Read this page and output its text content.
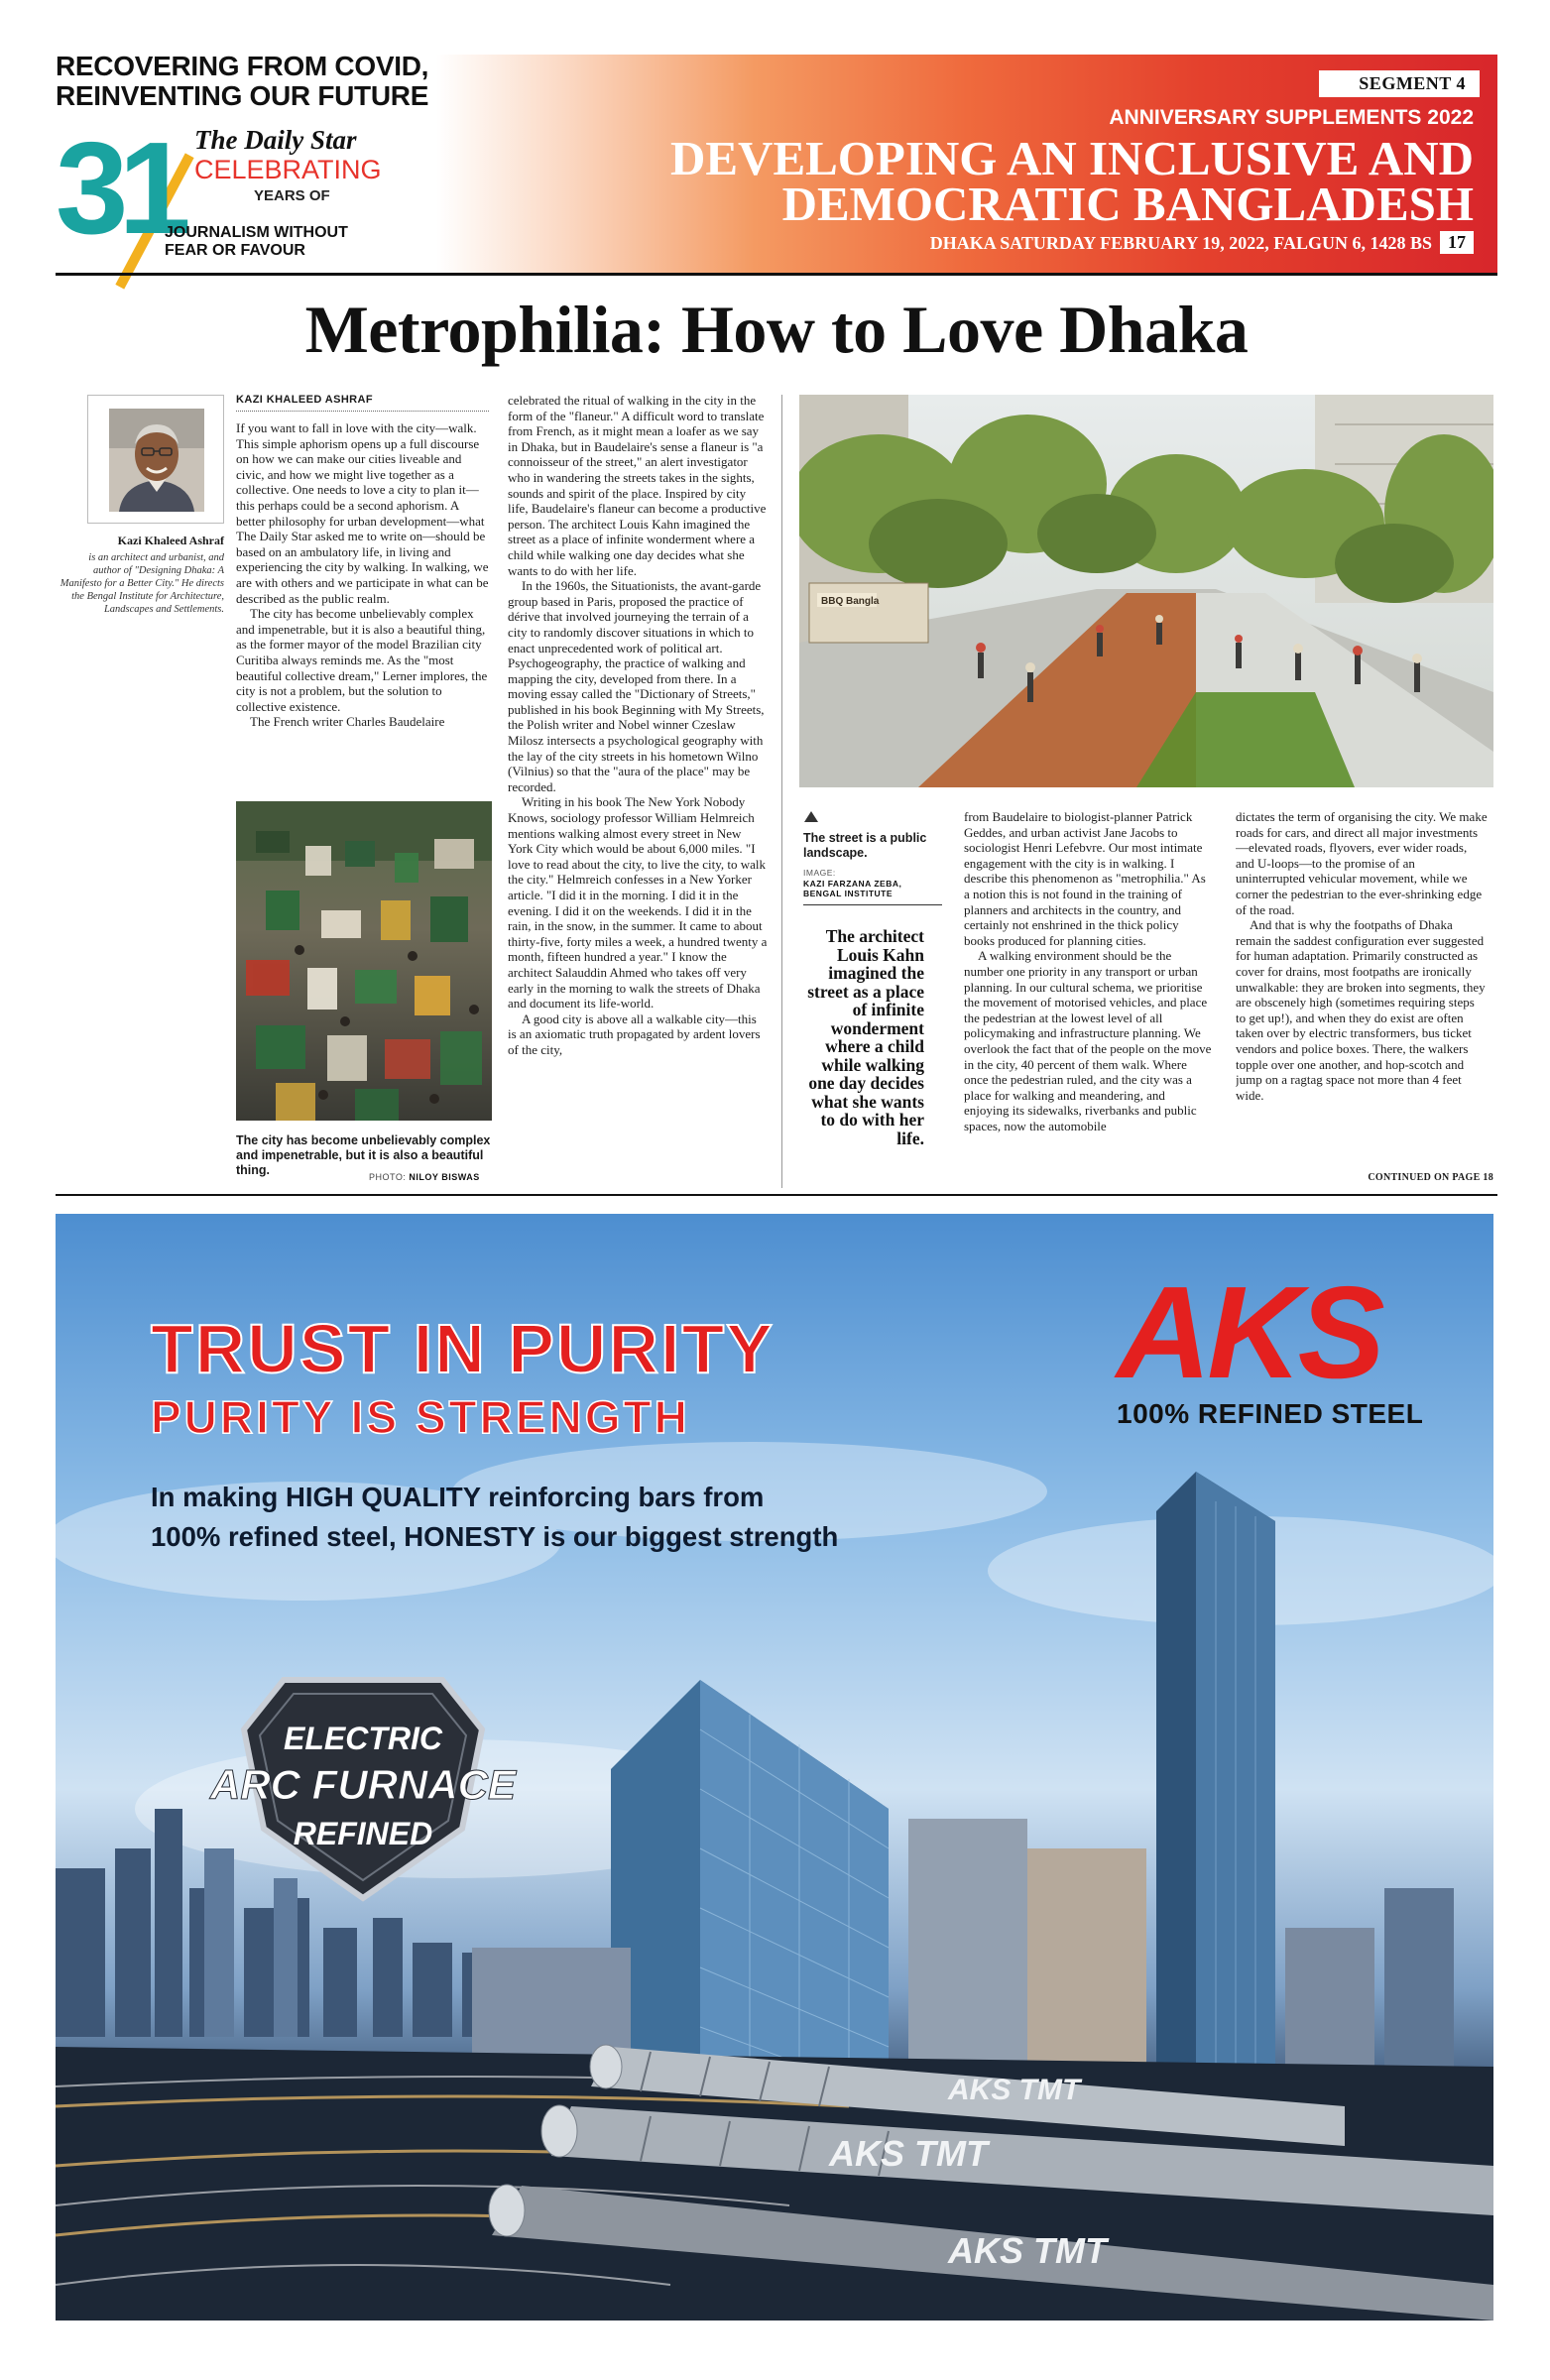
RECOVERING FROM COVID,
REINVENTING OUR FUTURE
31 The Daily Star
CELEBRATING
YEARS OF
JOURNALISM WITHOUT
FEAR OR FAVOUR
SEGMENT 4
ANNIVERSARY SUPPLEMENTS 2022
DEVELOPING AN INCLUSIVE AND
DEMOCRATIC BANGLADESH
DHAKA SATURDAY FEBRUARY 19, 2022, FALGUN 6, 1428 BS 17
Metrophilia: How to Love Dhaka
Kazi Khaleed Ashraf
is an architect and urbanist, and author of "Designing Dhaka: A Manifesto for a Better City." He directs the Bengal Institute for Architecture, Landscapes and Settlements.
KAZI KHALEED ASHRAF

If you want to fall in love with the city—walk. This simple aphorism opens up a full discourse on how we can make our cities liveable and civic, and how we might live together as a collective. One needs to love a city to plan it—this perhaps could be a second aphorism. A better philosophy for urban development—what The Daily Star asked me to write on—should be based on an ambulatory life, in living and experiencing the city by walking. In walking, we are with others and we participate in what can be described as the public realm.

The city has become unbelievably complex and impenetrable, but it is also a beautiful thing, as the former mayor of the model Brazilian city Curitiba always reminds me. As the "most beautiful collective dream," Lerner implores, the city is not a problem, but the solution to collective existence.

The French writer Charles Baudelaire

The city has become unbelievably complex and impenetrable, but it is also a beautiful thing.	PHOTO: NILOY BISWAS

celebrated the ritual of walking in the city in the form of the "flaneur." A difficult word to translate from French, as it might mean a loafer as we say in Dhaka, but in Baudelaire's sense a flaneur is "a connoisseur of the street," an alert investigator who in wandering the streets takes in the sights, sounds and spirit of the place. Inspired by city life, Baudelaire's flaneur can become a productive person. The architect Louis Kahn imagined the street as a place of infinite wonderment where a child while walking one day decides what she wants to do with her life.

In the 1960s, the Situationists, the avant-garde group based in Paris, proposed the practice of dérive that involved journeying the terrain of a city to randomly discover situations in which to enact unprecedented work of political art. Psychogeography, the practice of walking and mapping the city, developed from there. In a moving essay called the "Dictionary of Streets," published in his book Beginning with My Streets, the Polish writer and Nobel winner Czeslaw Milosz intersects a psychological geography with the lay of the city streets in his hometown Wilno (Vilnius) so that the "aura of the place" may be recorded.

Writing in his book The New York Nobody Knows, sociology professor William Helmreich mentions walking almost every street in New York City which would be about 6,000 miles. "I love to read about the city, to live the city, to walk the city." Helmreich confesses in a New Yorker article. "I did it in the morning. I did it in the evening. I did it on the weekends. I did it in the rain, in the snow, in the summer. It came to about thirty-five, forty miles a week, a hundred twenty a month, fifteen hundred a year." I know the architect Salauddin Ahmed who takes off very early in the morning to walk the streets of Dhaka and document its life-world.

A good city is above all a walkable city—this is an axiomatic truth propagated by ardent lovers of the city,

BBQ Bangla
The street is a public landscape.
IMAGE:
KAZI FARZANA ZEBA, BENGAL INSTITUTE
The architect Louis Kahn imagined the street as a place of infinite wonderment where a child while walking one day decides what she wants to do with her life.

from Baudelaire to biologist-planner Patrick Geddes, and urban activist Jane Jacobs to sociologist Henri Lefebvre. Our most intimate engagement with the city is in walking. I describe this phenomenon as "metrophilia." As a notion this is not found in the training of planners and architects in the country, and certainly not enshrined in the thick policy books produced for planning cities.

A walking environment should be the number one priority in any transport or urban planning. In our cultural schema, we prioritise the movement of motorised vehicles, and place the pedestrian at the lowest level of all policymaking and infrastructure planning. We overlook the fact that of the people on the move in the city, 40 percent of them walk. Where once the pedestrian ruled, and the city was a place for walking and meandering, and enjoying its sidewalks, riverbanks and public spaces, now the automobile

dictates the term of organising the city. We make roads for cars, and direct all major investments—elevated roads, flyovers, ever wider roads, and U-loops—to the promise of an uninterrupted vehicular movement, while we corner the pedestrian to the ever-shrinking edge of the road.

And that is why the footpaths of Dhaka remain the saddest configuration ever suggested for human adaptation. Primarily constructed as cover for drains, most footpaths are ironically unwalkable: they are broken into segments, they are obscenely high (sometimes requiring steps to get up!), and when they do exist are often taken over by electric transformers, bus ticket vendors and police boxes. There, the walkers topple over one another, and hop-scotch and jump on a ragtag space not more than 4 feet wide.

CONTINUED ON PAGE 18
AKS TMT
AKS TMT
AKS TMT
ELECTRIC
ARC FURNACE
REFINED
TRUST IN PURITY
PURITY IS STRENGTH
In making HIGH QUALITY reinforcing bars from
100% refined steel, HONESTY is our biggest strength
AKS
100% REFINED STEEL
